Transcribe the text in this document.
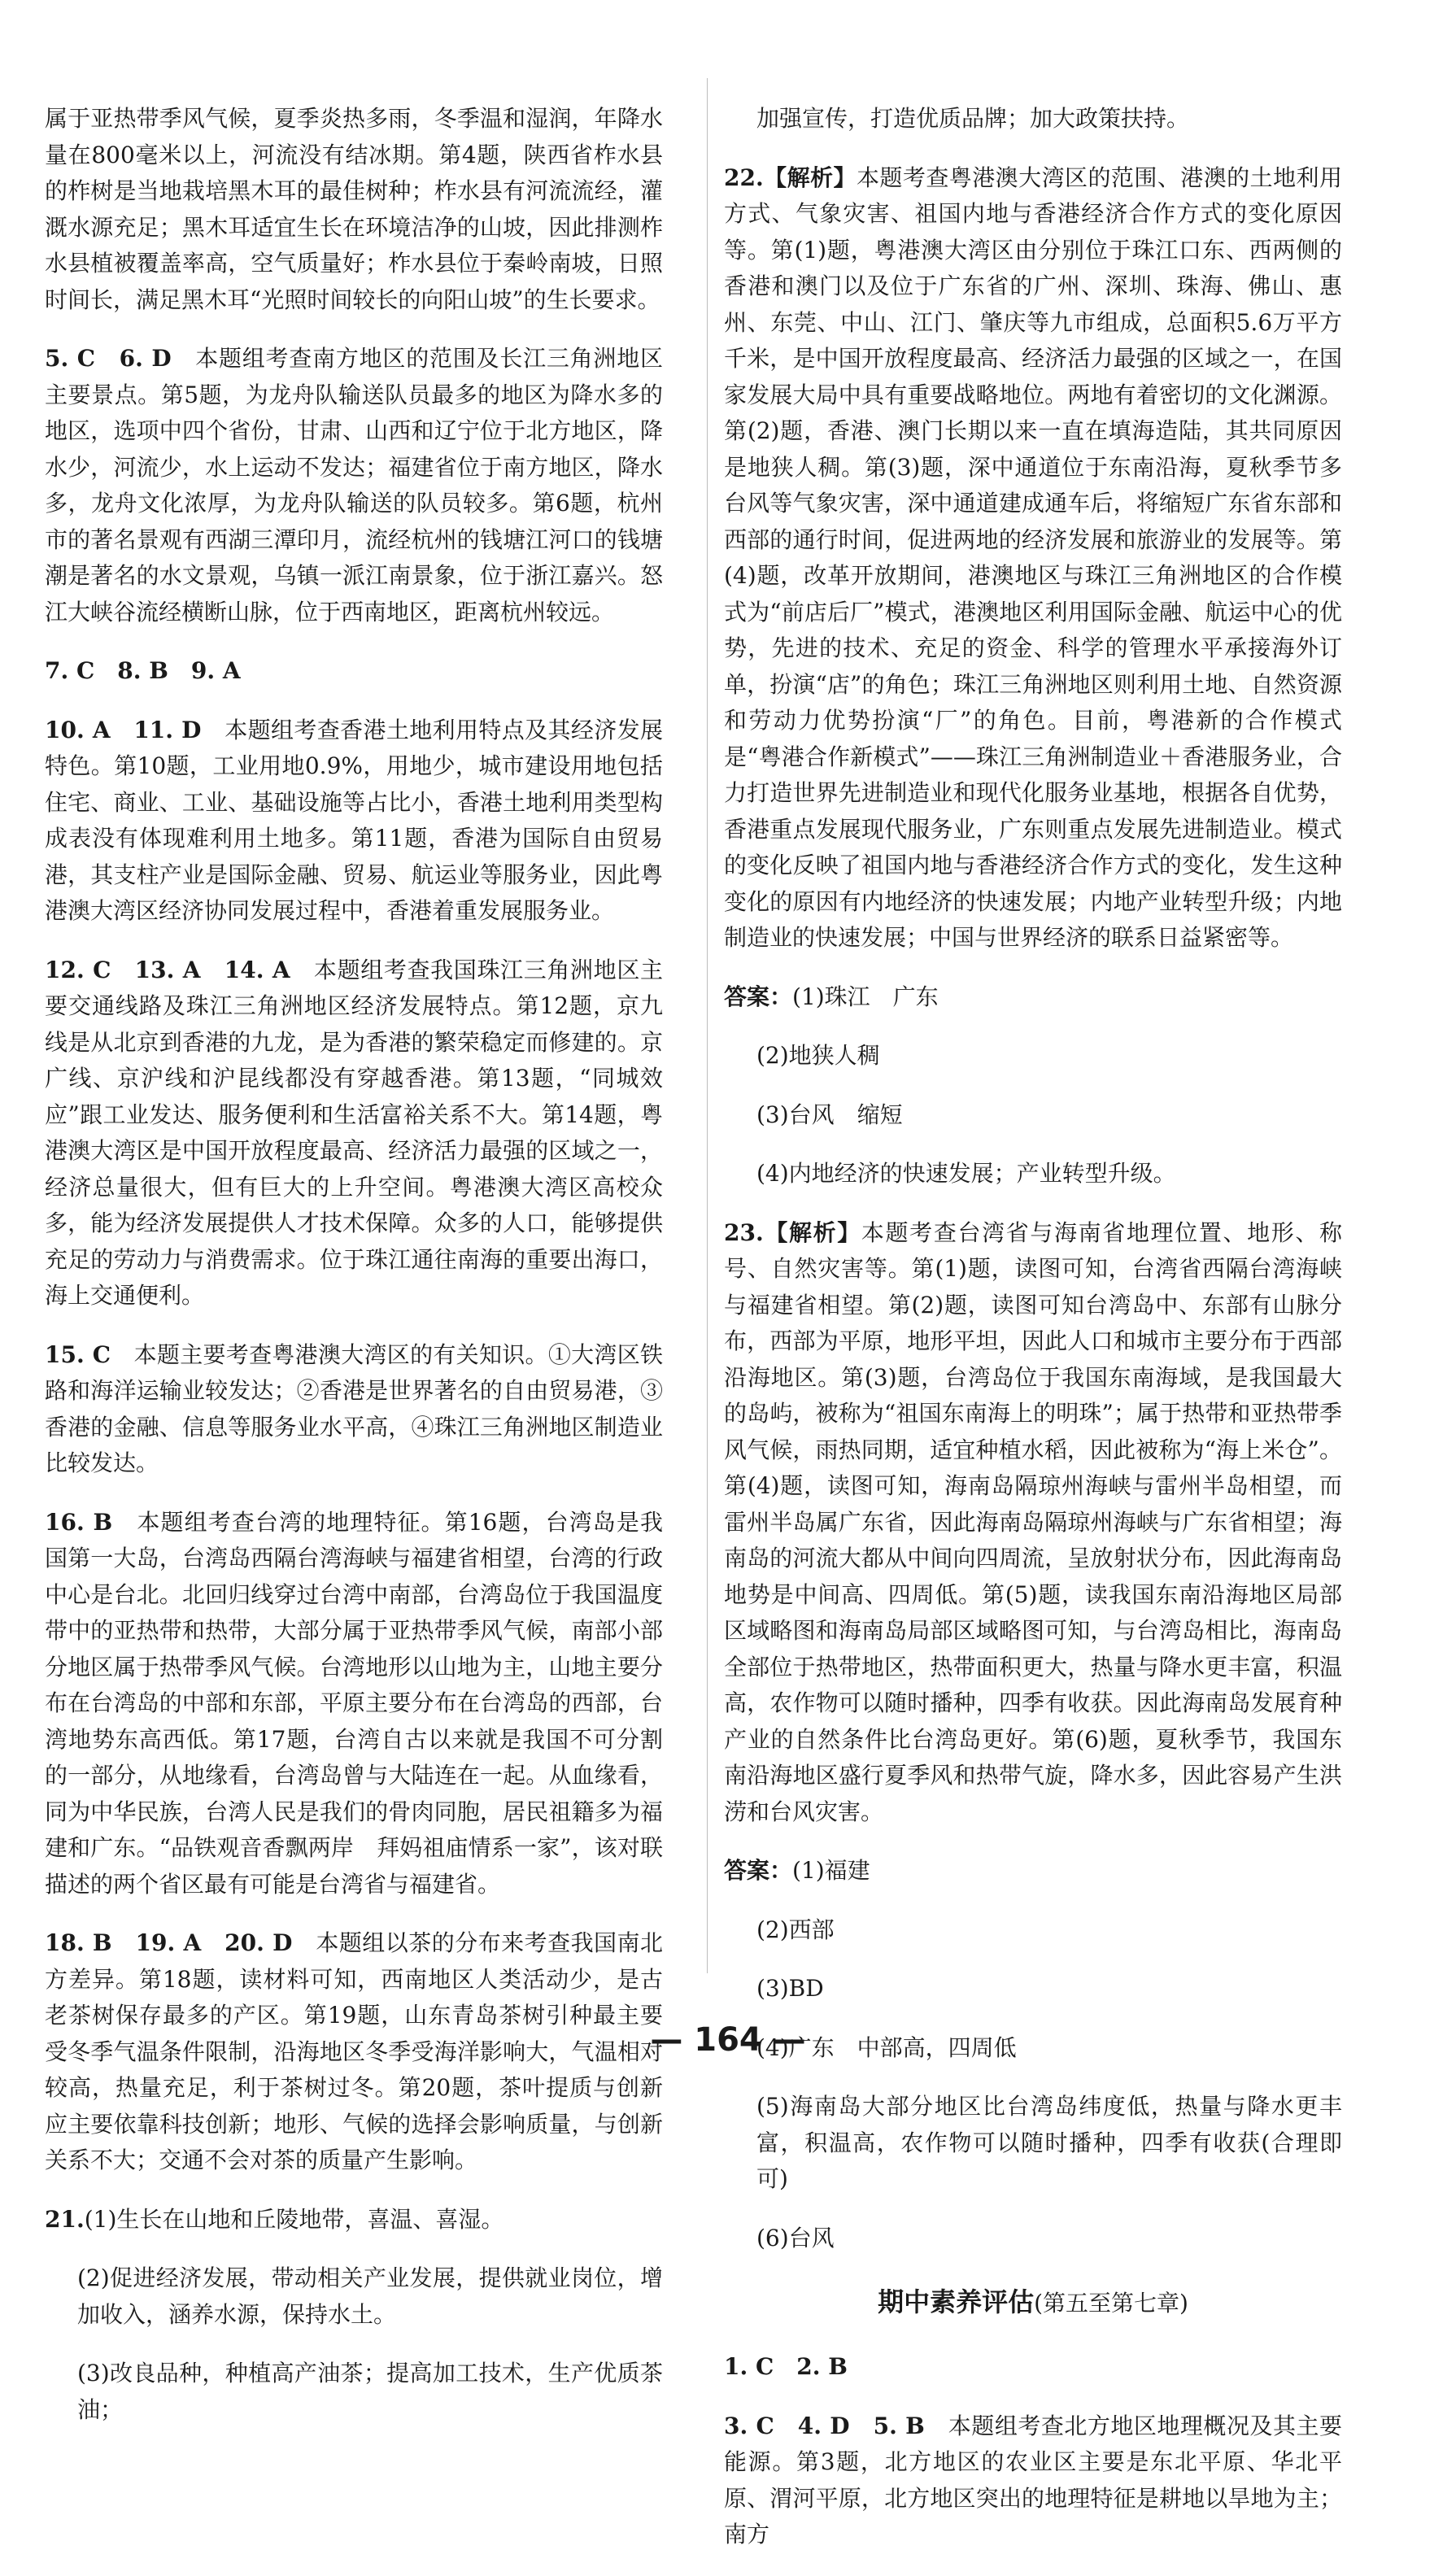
属于亚热带季风气候，夏季炎热多雨，冬季温和湿润，年降水量在800毫米以上，河流没有结冰期。第4题，陕西省柞水县的柞树是当地栽培黑木耳的最佳树种；柞水县有河流流经，灌溉水源充足；黑木耳适宜生长在环境洁净的山坡，因此排测柞水县植被覆盖率高，空气质量好；柞水县位于秦岭南坡，日照时间长，满足黑木耳“光照时间较长的向阳山坡”的生长要求。

5. C　6. D　本题组考查南方地区的范围及长江三角洲地区主要景点。第5题，为龙舟队输送队员最多的地区为降水多的地区，选项中四个省份，甘肃、山西和辽宁位于北方地区，降水少，河流少，水上运动不发达；福建省位于南方地区，降水多，龙舟文化浓厚，为龙舟队输送的队员较多。第6题，杭州市的著名景观有西湖三潭印月，流经杭州的钱塘江河口的钱塘潮是著名的水文景观，乌镇一派江南景象，位于浙江嘉兴。怒江大峡谷流经横断山脉，位于西南地区，距离杭州较远。

7. C　8. B　9. A

10. A　11. D　本题组考查香港土地利用特点及其经济发展特色。第10题，工业用地0.9%，用地少，城市建设用地包括住宅、商业、工业、基础设施等占比小，香港土地利用类型构成表没有体现难利用土地多。第11题，香港为国际自由贸易港，其支柱产业是国际金融、贸易、航运业等服务业，因此粤港澳大湾区经济协同发展过程中，香港着重发展服务业。

12. C　13. A　14. A　本题组考查我国珠江三角洲地区主要交通线路及珠江三角洲地区经济发展特点。第12题，京九线是从北京到香港的九龙，是为香港的繁荣稳定而修建的。京广线、京沪线和沪昆线都没有穿越香港。第13题，“同城效应”跟工业发达、服务便利和生活富裕关系不大。第14题，粤港澳大湾区是中国开放程度最高、经济活力最强的区域之一，经济总量很大，但有巨大的上升空间。粤港澳大湾区高校众多，能为经济发展提供人才技术保障。众多的人口，能够提供充足的劳动力与消费需求。位于珠江通往南海的重要出海口，海上交通便利。

15. C　本题主要考查粤港澳大湾区的有关知识。①大湾区铁路和海洋运输业较发达；②香港是世界著名的自由贸易港，③香港的金融、信息等服务业水平高，④珠江三角洲地区制造业比较发达。

16. B　本题组考查台湾的地理特征。第16题，台湾岛是我国第一大岛，台湾岛西隔台湾海峡与福建省相望，台湾的行政中心是台北。北回归线穿过台湾中南部，台湾岛位于我国温度带中的亚热带和热带，大部分属于亚热带季风气候，南部小部分地区属于热带季风气候。台湾地形以山地为主，山地主要分布在台湾岛的中部和东部，平原主要分布在台湾岛的西部，台湾地势东高西低。第17题，台湾自古以来就是我国不可分割的一部分，从地缘看，台湾岛曾与大陆连在一起。从血缘看，同为中华民族，台湾人民是我们的骨肉同胞，居民祖籍多为福建和广东。“品铁观音香飘两岸　拜妈祖庙情系一家”，该对联描述的两个省区最有可能是台湾省与福建省。

18. B　19. A　20. D　本题组以茶的分布来考查我国南北方差异。第18题，读材料可知，西南地区人类活动少，是古老茶树保存最多的产区。第19题，山东青岛茶树引种最主要受冬季气温条件限制，沿海地区冬季受海洋影响大，气温相对较高，热量充足，利于茶树过冬。第20题，茶叶提质与创新应主要依靠科技创新；地形、气候的选择会影响质量，与创新关系不大；交通不会对茶的质量产生影响。

21.(1)生长在山地和丘陵地带，喜温、喜湿。

(2)促进经济发展，带动相关产业发展，提供就业岗位，增加收入，涵养水源，保持水土。

(3)改良品种，种植高产油茶；提高加工技术，生产优质茶油；

加强宣传，打造优质品牌；加大政策扶持。

22.【解析】本题考查粤港澳大湾区的范围、港澳的土地利用方式、气象灾害、祖国内地与香港经济合作方式的变化原因等。第(1)题，粤港澳大湾区由分别位于珠江口东、西两侧的香港和澳门以及位于广东省的广州、深圳、珠海、佛山、惠州、东莞、中山、江门、肇庆等九市组成，总面积5.6万平方千米，是中国开放程度最高、经济活力最强的区域之一，在国家发展大局中具有重要战略地位。两地有着密切的文化渊源。第(2)题，香港、澳门长期以来一直在填海造陆，其共同原因是地狭人稠。第(3)题，深中通道位于东南沿海，夏秋季节多台风等气象灾害，深中通道建成通车后，将缩短广东省东部和西部的通行时间，促进两地的经济发展和旅游业的发展等。第(4)题，改革开放期间，港澳地区与珠江三角洲地区的合作模式为“前店后厂”模式，港澳地区利用国际金融、航运中心的优势，先进的技术、充足的资金、科学的管理水平承接海外订单，扮演“店”的角色；珠江三角洲地区则利用土地、自然资源和劳动力优势扮演“厂”的角色。目前，粤港新的合作模式是“粤港合作新模式”——珠江三角洲制造业＋香港服务业，合力打造世界先进制造业和现代化服务业基地，根据各自优势，香港重点发展现代服务业，广东则重点发展先进制造业。模式的变化反映了祖国内地与香港经济合作方式的变化，发生这种变化的原因有内地经济的快速发展；内地产业转型升级；内地制造业的快速发展；中国与世界经济的联系日益紧密等。

答案：(1)珠江　广东

(2)地狭人稠

(3)台风　缩短

(4)内地经济的快速发展；产业转型升级。

23.【解析】本题考查台湾省与海南省地理位置、地形、称号、自然灾害等。第(1)题，读图可知，台湾省西隔台湾海峡与福建省相望。第(2)题，读图可知台湾岛中、东部有山脉分布，西部为平原，地形平坦，因此人口和城市主要分布于西部沿海地区。第(3)题，台湾岛位于我国东南海域，是我国最大的岛屿，被称为“祖国东南海上的明珠”；属于热带和亚热带季风气候，雨热同期，适宜种植水稻，因此被称为“海上米仓”。第(4)题，读图可知，海南岛隔琼州海峡与雷州半岛相望，而雷州半岛属广东省，因此海南岛隔琼州海峡与广东省相望；海南岛的河流大都从中间向四周流，呈放射状分布，因此海南岛地势是中间高、四周低。第(5)题，读我国东南沿海地区局部区域略图和海南岛局部区域略图可知，与台湾岛相比，海南岛全部位于热带地区，热带面积更大，热量与降水更丰富，积温高，农作物可以随时播种，四季有收获。因此海南岛发展育种产业的自然条件比台湾岛更好。第(6)题，夏秋季节，我国东南沿海地区盛行夏季风和热带气旋，降水多，因此容易产生洪涝和台风灾害。

答案：(1)福建

(2)西部

(3)BD

(4)广东　中部高，四周低

(5)海南岛大部分地区比台湾岛纬度低，热量与降水更丰富，积温高，农作物可以随时播种，四季有收获(合理即可)

(6)台风

期中素养评估(第五至第七章)

1. C　2. B

3. C　4. D　5. B　本题组考查北方地区地理概况及其主要能源。第3题，北方地区的农业区主要是东北平原、华北平原、渭河平原，北方地区突出的地理特征是耕地以旱地为主；南方

— 164 —
